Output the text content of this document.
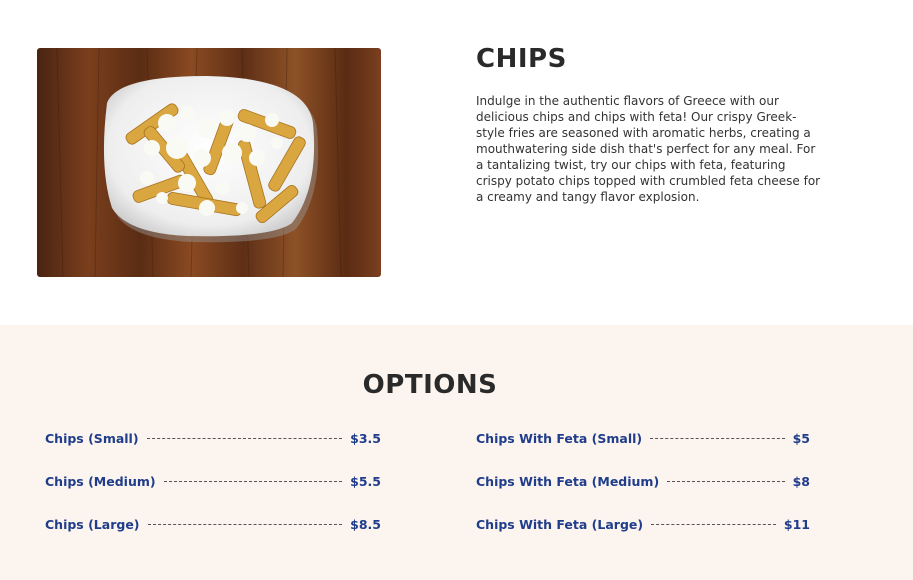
CHIPS

Indulge in the authentic flavors of Greece with our delicious chips and chips with feta! Our crispy Greek-style fries are seasoned with aromatic herbs, creating a mouthwatering side dish that's perfect for any meal. For a tantalizing twist, try our chips with feta, featuring crispy potato chips topped with crumbled feta cheese for a creamy and tangy flavor explosion.

OPTIONS
Chips (Small)	$3.5
Chips (Medium)	$5.5
Chips (Large)	$8.5
Chips With Feta (Small)	$5
Chips With Feta (Medium)	$8
Chips With Feta (Large)	$11
